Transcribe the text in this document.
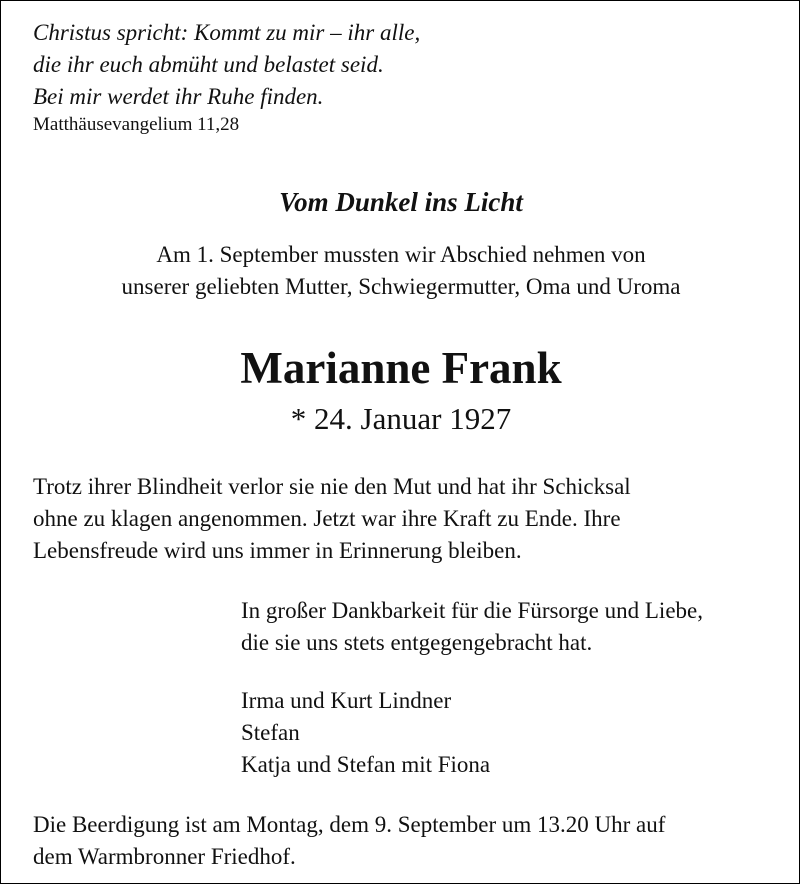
Christus spricht: Kommt zu mir – ihr alle,
die ihr euch abmüht und belastet seid.
Bei mir werdet ihr Ruhe finden.
Matthäusevangelium 11,28
Vom Dunkel ins Licht
Am 1. September mussten wir Abschied nehmen von
unserer geliebten Mutter, Schwiegermutter, Oma und Uroma
Marianne Frank
* 24. Januar 1927
Trotz ihrer Blindheit verlor sie nie den Mut und hat ihr Schicksal
ohne zu klagen angenommen. Jetzt war ihre Kraft zu Ende. Ihre
Lebensfreude wird uns immer in Erinnerung bleiben.
In großer Dankbarkeit für die Fürsorge und Liebe,
die sie uns stets entgegengebracht hat.
Irma und Kurt Lindner
Stefan
Katja und Stefan mit Fiona
Die Beerdigung ist am Montag, dem 9. September um 13.20 Uhr auf
dem Warmbronner Friedhof.
